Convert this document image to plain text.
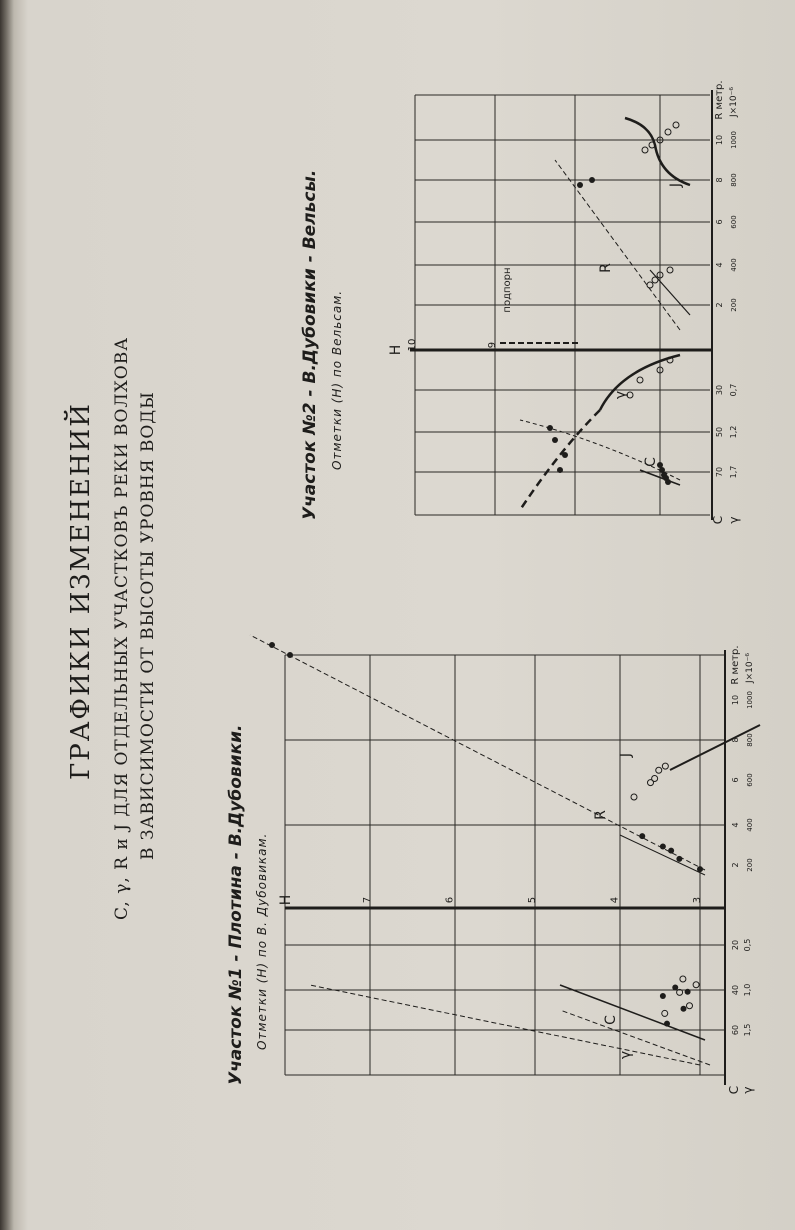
ГРАФИКИ ИЗМЕНЕНИЙ C, γ, R и J ДЛЯ ОТДЕЛЬНЫХ УЧАСТКОВЪ РЕКИ ВОЛХОВА В ЗАВИСИМОСТИ ОТ ВЫСОТЫ УРОВНЯ ВОДЫ
Участок №1 - Плотина - В.Дубовики. Отметки (H) по В. Дубовикам.
Участок №2 - В.Дубовики - Вельсы. Отметки (H) по Вельсам.
3
4
5
6
7
H
60
40
20
1,5
1,0
0,5
C γ
2
4
6
8
10
200
400
600
800
1000
R метр. J×10⁻⁶
C
γ
R
J
10	9
H
70
50
30
1,7
1,2
0,7
C γ
2
4
6
8
10
200
400
600
800
1000
R метр. J×10⁻⁶
C
γ
R
J
подпорн
